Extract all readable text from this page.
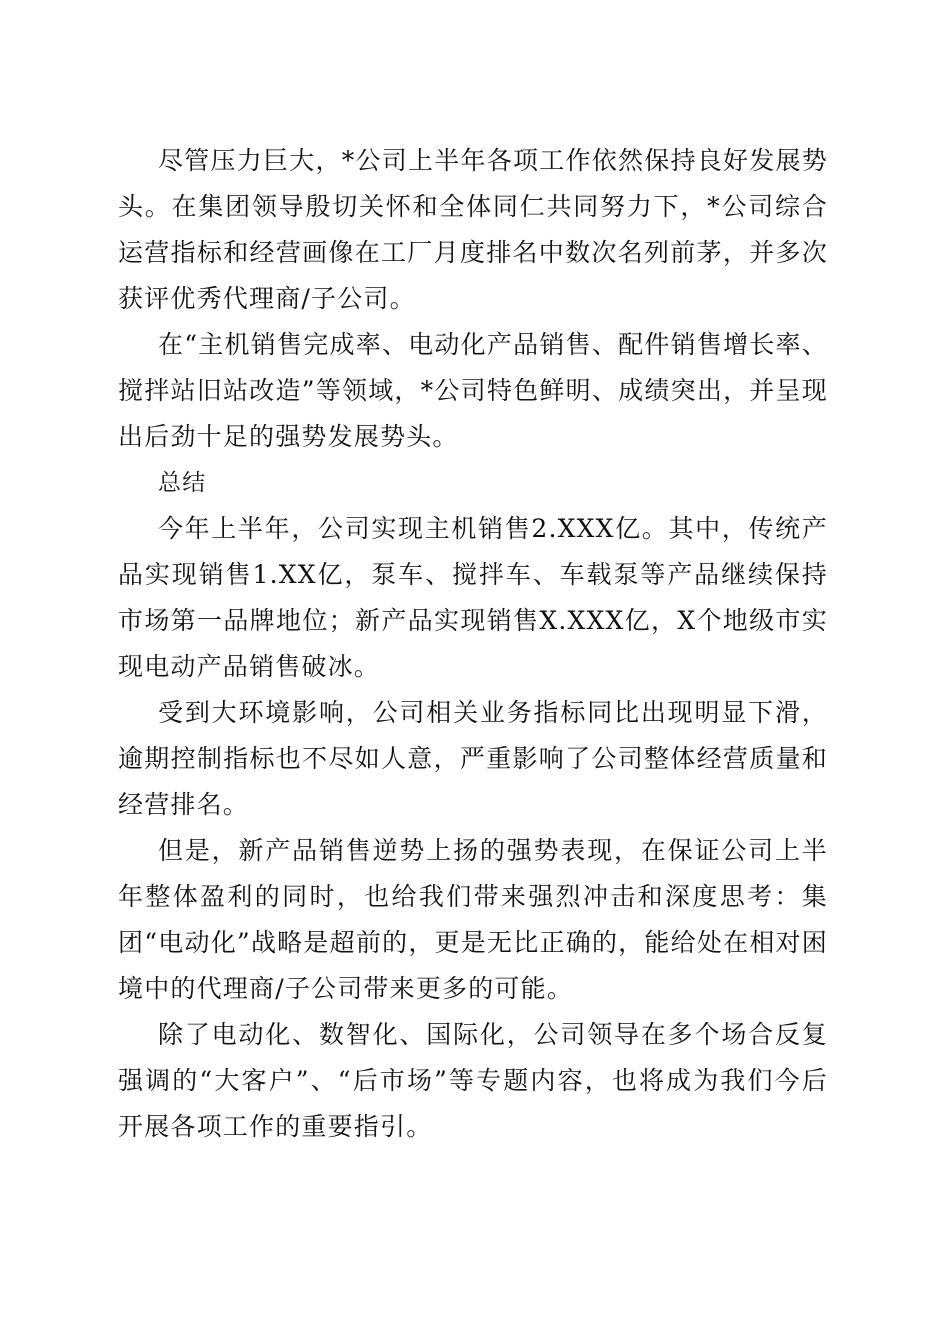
尽管压力巨大，*公司上半年各项工作依然保持良好发展势头。在集团领导殷切关怀和全体同仁共同努力下，*公司综合运营指标和经营画像在工厂月度排名中数次名列前茅，并多次获评优秀代理商/子公司。

在“主机销售完成率、电动化产品销售、配件销售增长率、搅拌站旧站改造”等领域，*公司特色鲜明、成绩突出，并呈现出后劲十足的强势发展势头。

总结

今年上半年，公司实现主机销售2.XXX亿。其中，传统产品实现销售1.XX亿，泵车、搅拌车、车载泵等产品继续保持市场第一品牌地位；新产品实现销售X.XXX亿，X个地级市实现电动产品销售破冰。

受到大环境影响，公司相关业务指标同比出现明显下滑，逾期控制指标也不尽如人意，严重影响了公司整体经营质量和经营排名。

但是，新产品销售逆势上扬的强势表现，在保证公司上半年整体盈利的同时，也给我们带来强烈冲击和深度思考：集团“电动化”战略是超前的，更是无比正确的，能给处在相对困境中的代理商/子公司带来更多的可能。

除了电动化、数智化、国际化，公司领导在多个场合反复强调的“大客户”、“后市场”等专题内容，也将成为我们今后开展各项工作的重要指引。
